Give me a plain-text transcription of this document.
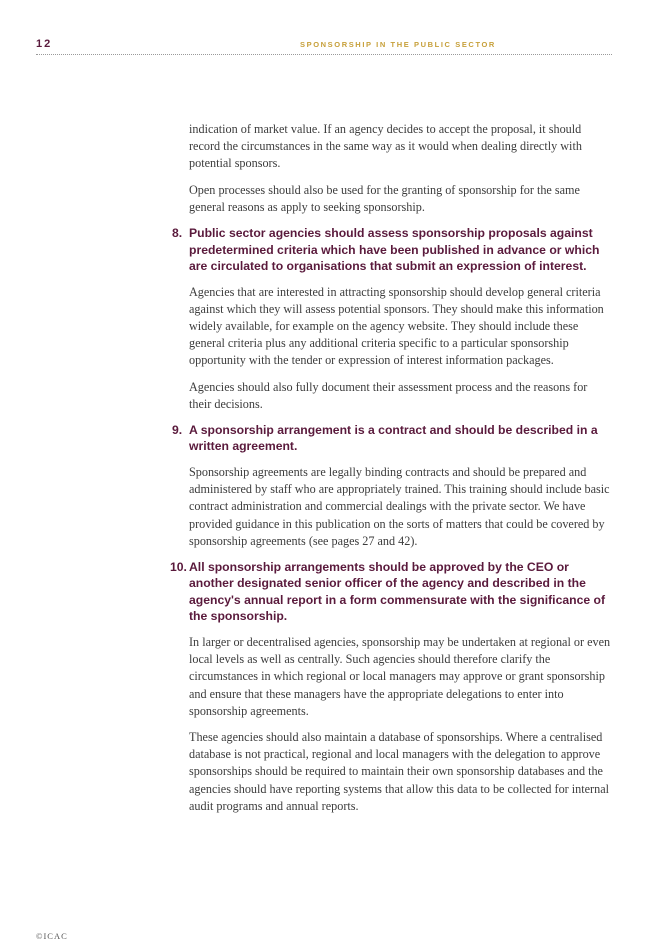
12	SPONSORSHIP IN THE PUBLIC SECTOR

indication of market value. If an agency decides to accept the proposal, it should record the circumstances in the same way as it would when dealing directly with potential sponsors.

Open processes should also be used for the granting of sponsorship for the same general reasons as apply to seeking sponsorship.

8. Public sector agencies should assess sponsorship proposals against predetermined criteria which have been published in advance or which are circulated to organisations that submit an expression of interest.

Agencies that are interested in attracting sponsorship should develop general criteria against which they will assess potential sponsors. They should make this information widely available, for example on the agency website. They should include these general criteria plus any additional criteria specific to a particular sponsorship opportunity with the tender or expression of interest information packages.

Agencies should also fully document their assessment process and the reasons for their decisions.

9. A sponsorship arrangement is a contract and should be described in a written agreement.

Sponsorship agreements are legally binding contracts and should be prepared and administered by staff who are appropriately trained. This training should include basic contract administration and commercial dealings with the private sector. We have provided guidance in this publication on the sorts of matters that could be covered by sponsorship agreements (see pages 27 and 42).

10. All sponsorship arrangements should be approved by the CEO or another designated senior officer of the agency and described in the agency's annual report in a form commensurate with the significance of the sponsorship.

In larger or decentralised agencies, sponsorship may be undertaken at regional or even local levels as well as centrally. Such agencies should therefore clarify the circumstances in which regional or local managers may approve or grant sponsorship and ensure that these managers have the appropriate delegations to enter into sponsorship agreements.

These agencies should also maintain a database of sponsorships. Where a centralised database is not practical, regional and local managers with the delegation to approve sponsorships should be required to maintain their own sponsorship databases and the agencies should have reporting systems that allow this data to be collected for internal audit programs and annual reports.

©ICAC
